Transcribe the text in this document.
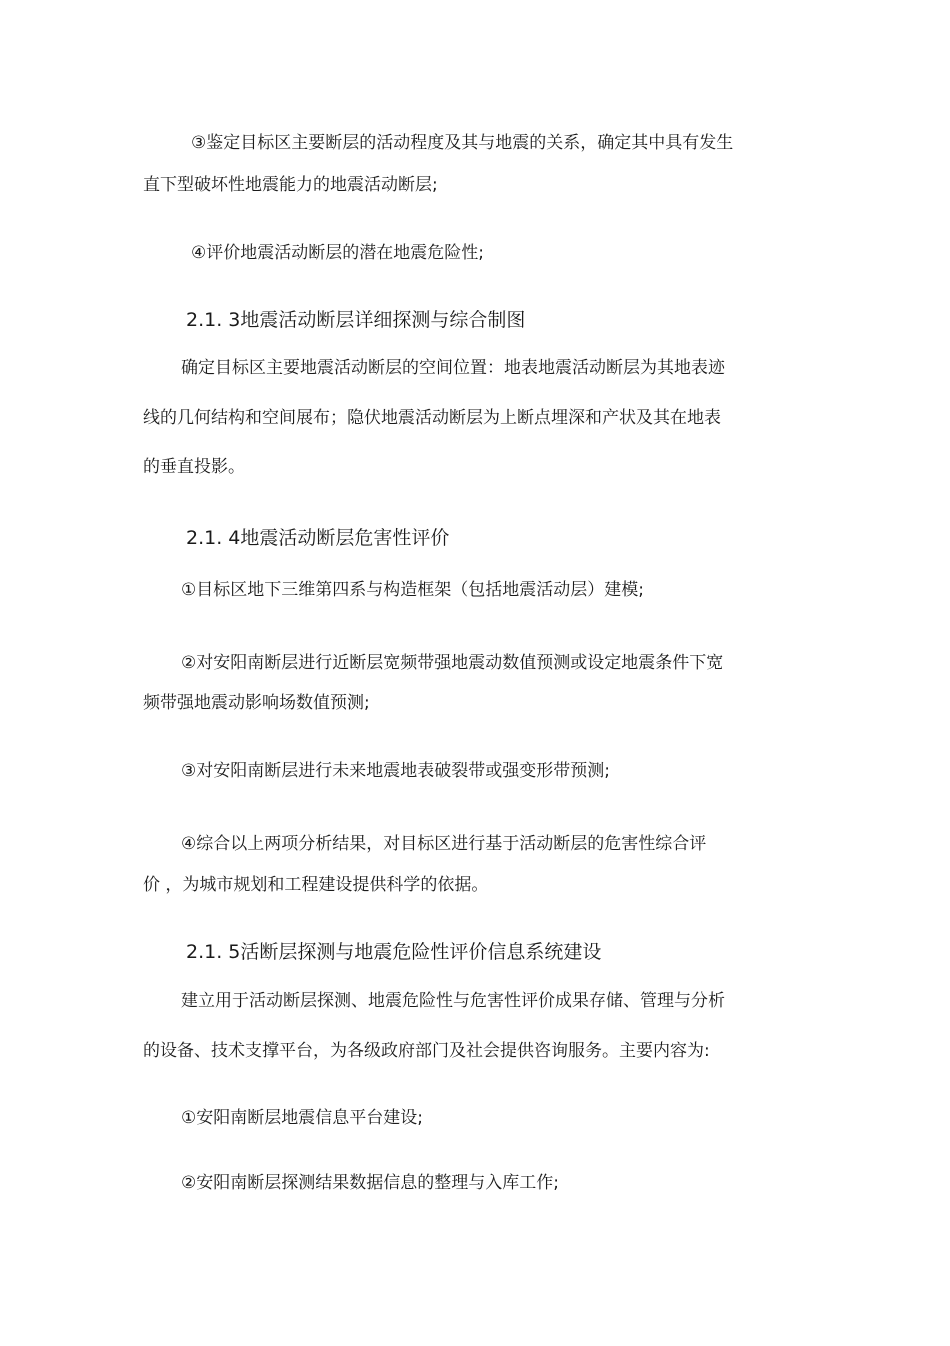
③鉴定目标区主要断层的活动程度及其与地震的关系，确定其中具有发生
直下型破坏性地震能力的地震活动断层;
④评价地震活动断层的潜在地震危险性;
2.1. 3地震活动断层详细探测与综合制图
确定目标区主要地震活动断层的空间位置：地表地震活动断层为其地表迹
线的几何结构和空间展布；隐伏地震活动断层为上断点埋深和产状及其在地表
的垂直投影。
2.1. 4地震活动断层危害性评价
①目标区地下三维第四系与构造框架（包括地震活动层）建模;
②对安阳南断层进行近断层宽频带强地震动数值预测或设定地震条件下宽
频带强地震动影响场数值预测;
③对安阳南断层进行未来地震地表破裂带或强变形带预测;
④综合以上两项分析结果，对目标区进行基于活动断层的危害性综合评
价 ，为城市规划和工程建设提供科学的依据。
2.1. 5活断层探测与地震危险性评价信息系统建设
建立用于活动断层探测、地震危险性与危害性评价成果存储、管理与分析
的设备、技术支撑平台，为各级政府部门及社会提供咨询服务。主要内容为:
①安阳南断层地震信息平台建设;
②安阳南断层探测结果数据信息的整理与入库工作;
